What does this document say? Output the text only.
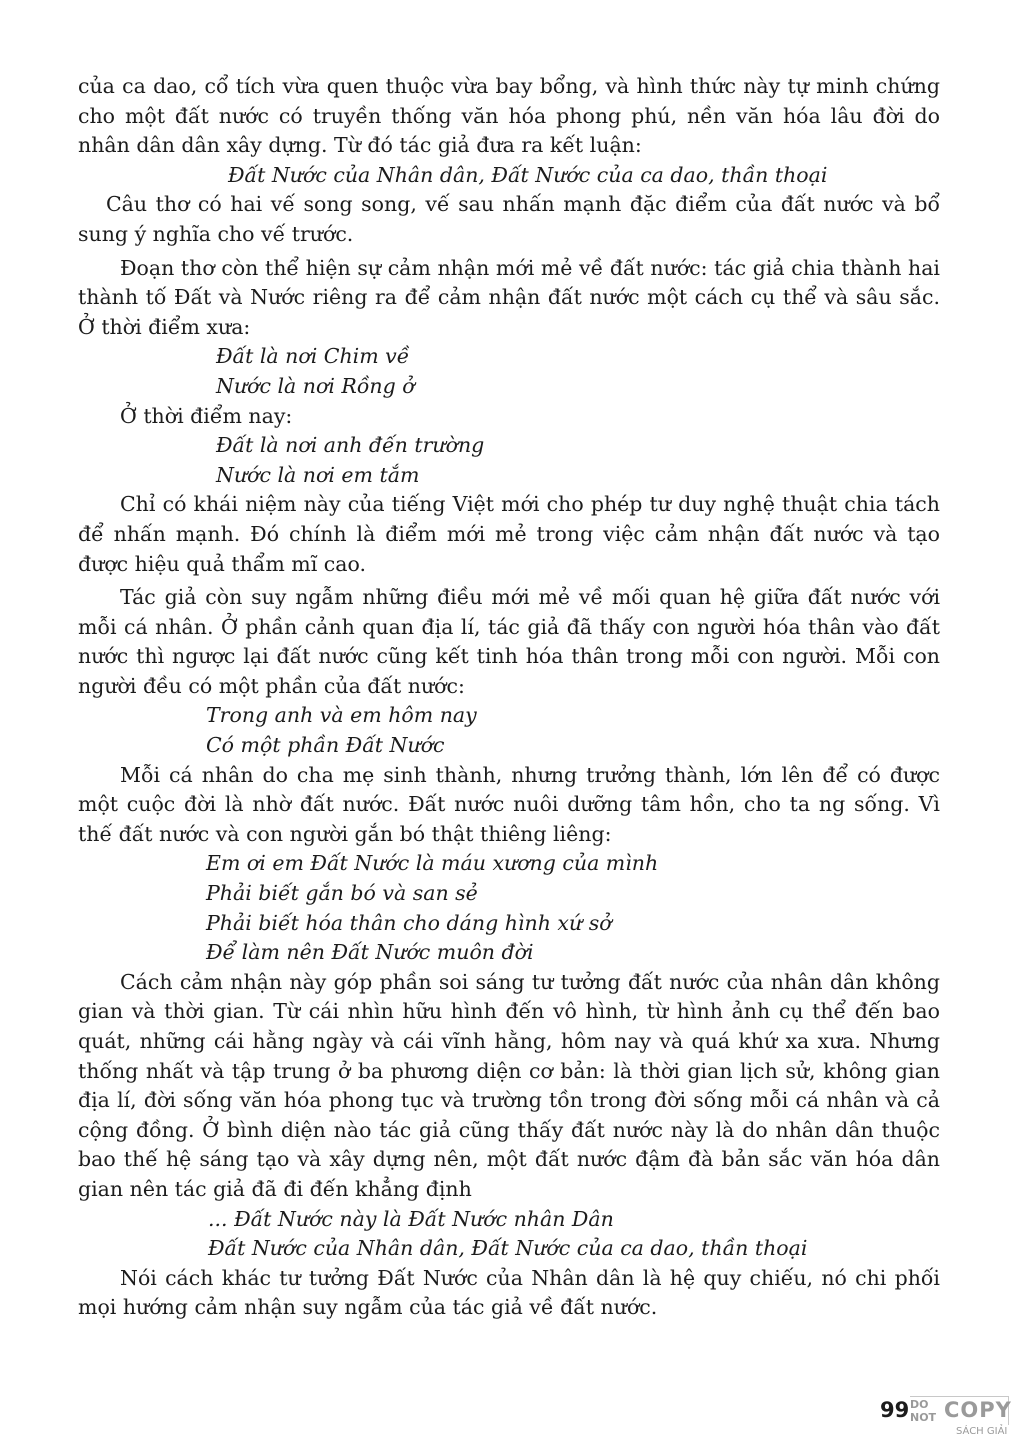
của ca dao, cổ tích vừa quen thuộc vừa bay bổng, và hình thức này tự minh chứng cho một đất nước có truyền thống văn hóa phong phú, nền văn hóa lâu đời do nhân dân dân xây dựng. Từ đó tác giả đưa ra kết luận:

Đất Nước của Nhân dân, Đất Nước của ca dao, thần thoại

Câu thơ có hai vế song song, vế sau nhấn mạnh đặc điểm của đất nước và bổ sung ý nghĩa cho vế trước.

Đoạn thơ còn thể hiện sự cảm nhận mới mẻ về đất nước: tác giả chia thành hai thành tố Đất và Nước riêng ra để cảm nhận đất nước một cách cụ thể và sâu sắc. Ở thời điểm xưa:

Đất là nơi Chim về

Nước là nơi Rồng ở

Ở thời điểm nay:

Đất là nơi anh đến trường

Nước là nơi em tắm

Chỉ có khái niệm này của tiếng Việt mới cho phép tư duy nghệ thuật chia tách để nhấn mạnh. Đó chính là điểm mới mẻ trong việc cảm nhận đất nước và tạo được hiệu quả thẩm mĩ cao.

Tác giả còn suy ngẫm những điều mới mẻ về mối quan hệ giữa đất nước với mỗi cá nhân. Ở phần cảnh quan địa lí, tác giả đã thấy con người hóa thân vào đất nước thì ngược lại đất nước cũng kết tinh hóa thân trong mỗi con người. Mỗi con người đều có một phần của đất nước:

Trong anh và em hôm nay

Có một phần Đất Nước

Mỗi cá nhân do cha mẹ sinh thành, nhưng trưởng thành, lớn lên để có được một cuộc đời là nhờ đất nước. Đất nước nuôi dưỡng tâm hồn, cho ta ng sống. Vì thế đất nước và con người gắn bó thật thiêng liêng:

Em ơi em Đất Nước là máu xương của mình

Phải biết gắn bó và san sẻ

Phải biết hóa thân cho dáng hình xứ sở

Để làm nên Đất Nước muôn đời

Cách cảm nhận này góp phần soi sáng tư tưởng đất nước của nhân dân không gian và thời gian. Từ cái nhìn hữu hình đến vô hình, từ hình ảnh cụ thể đến bao quát, những cái hằng ngày và cái vĩnh hằng, hôm nay và quá khứ xa xưa. Nhưng thống nhất và tập trung ở ba phương diện cơ bản: là thời gian lịch sử, không gian địa lí, đời sống văn hóa phong tục và trường tồn trong đời sống mỗi cá nhân và cả cộng đồng. Ở bình diện nào tác giả cũng thấy đất nước này là do nhân dân thuộc bao thế hệ sáng tạo và xây dựng nên, một đất nước đậm đà bản sắc văn hóa dân gian nên tác giả đã đi đến khẳng định

... Đất Nước này là Đất Nước nhân Dân

Đất Nước của Nhân dân, Đất Nước của ca dao, thần thoại

Nói cách khác tư tưởng Đất Nước của Nhân dân là hệ quy chiếu, nó chi phối mọi hướng cảm nhận suy ngẫm của tác giả về đất nước.

99 DO
NOT COPY
SÁCH GIẢI
